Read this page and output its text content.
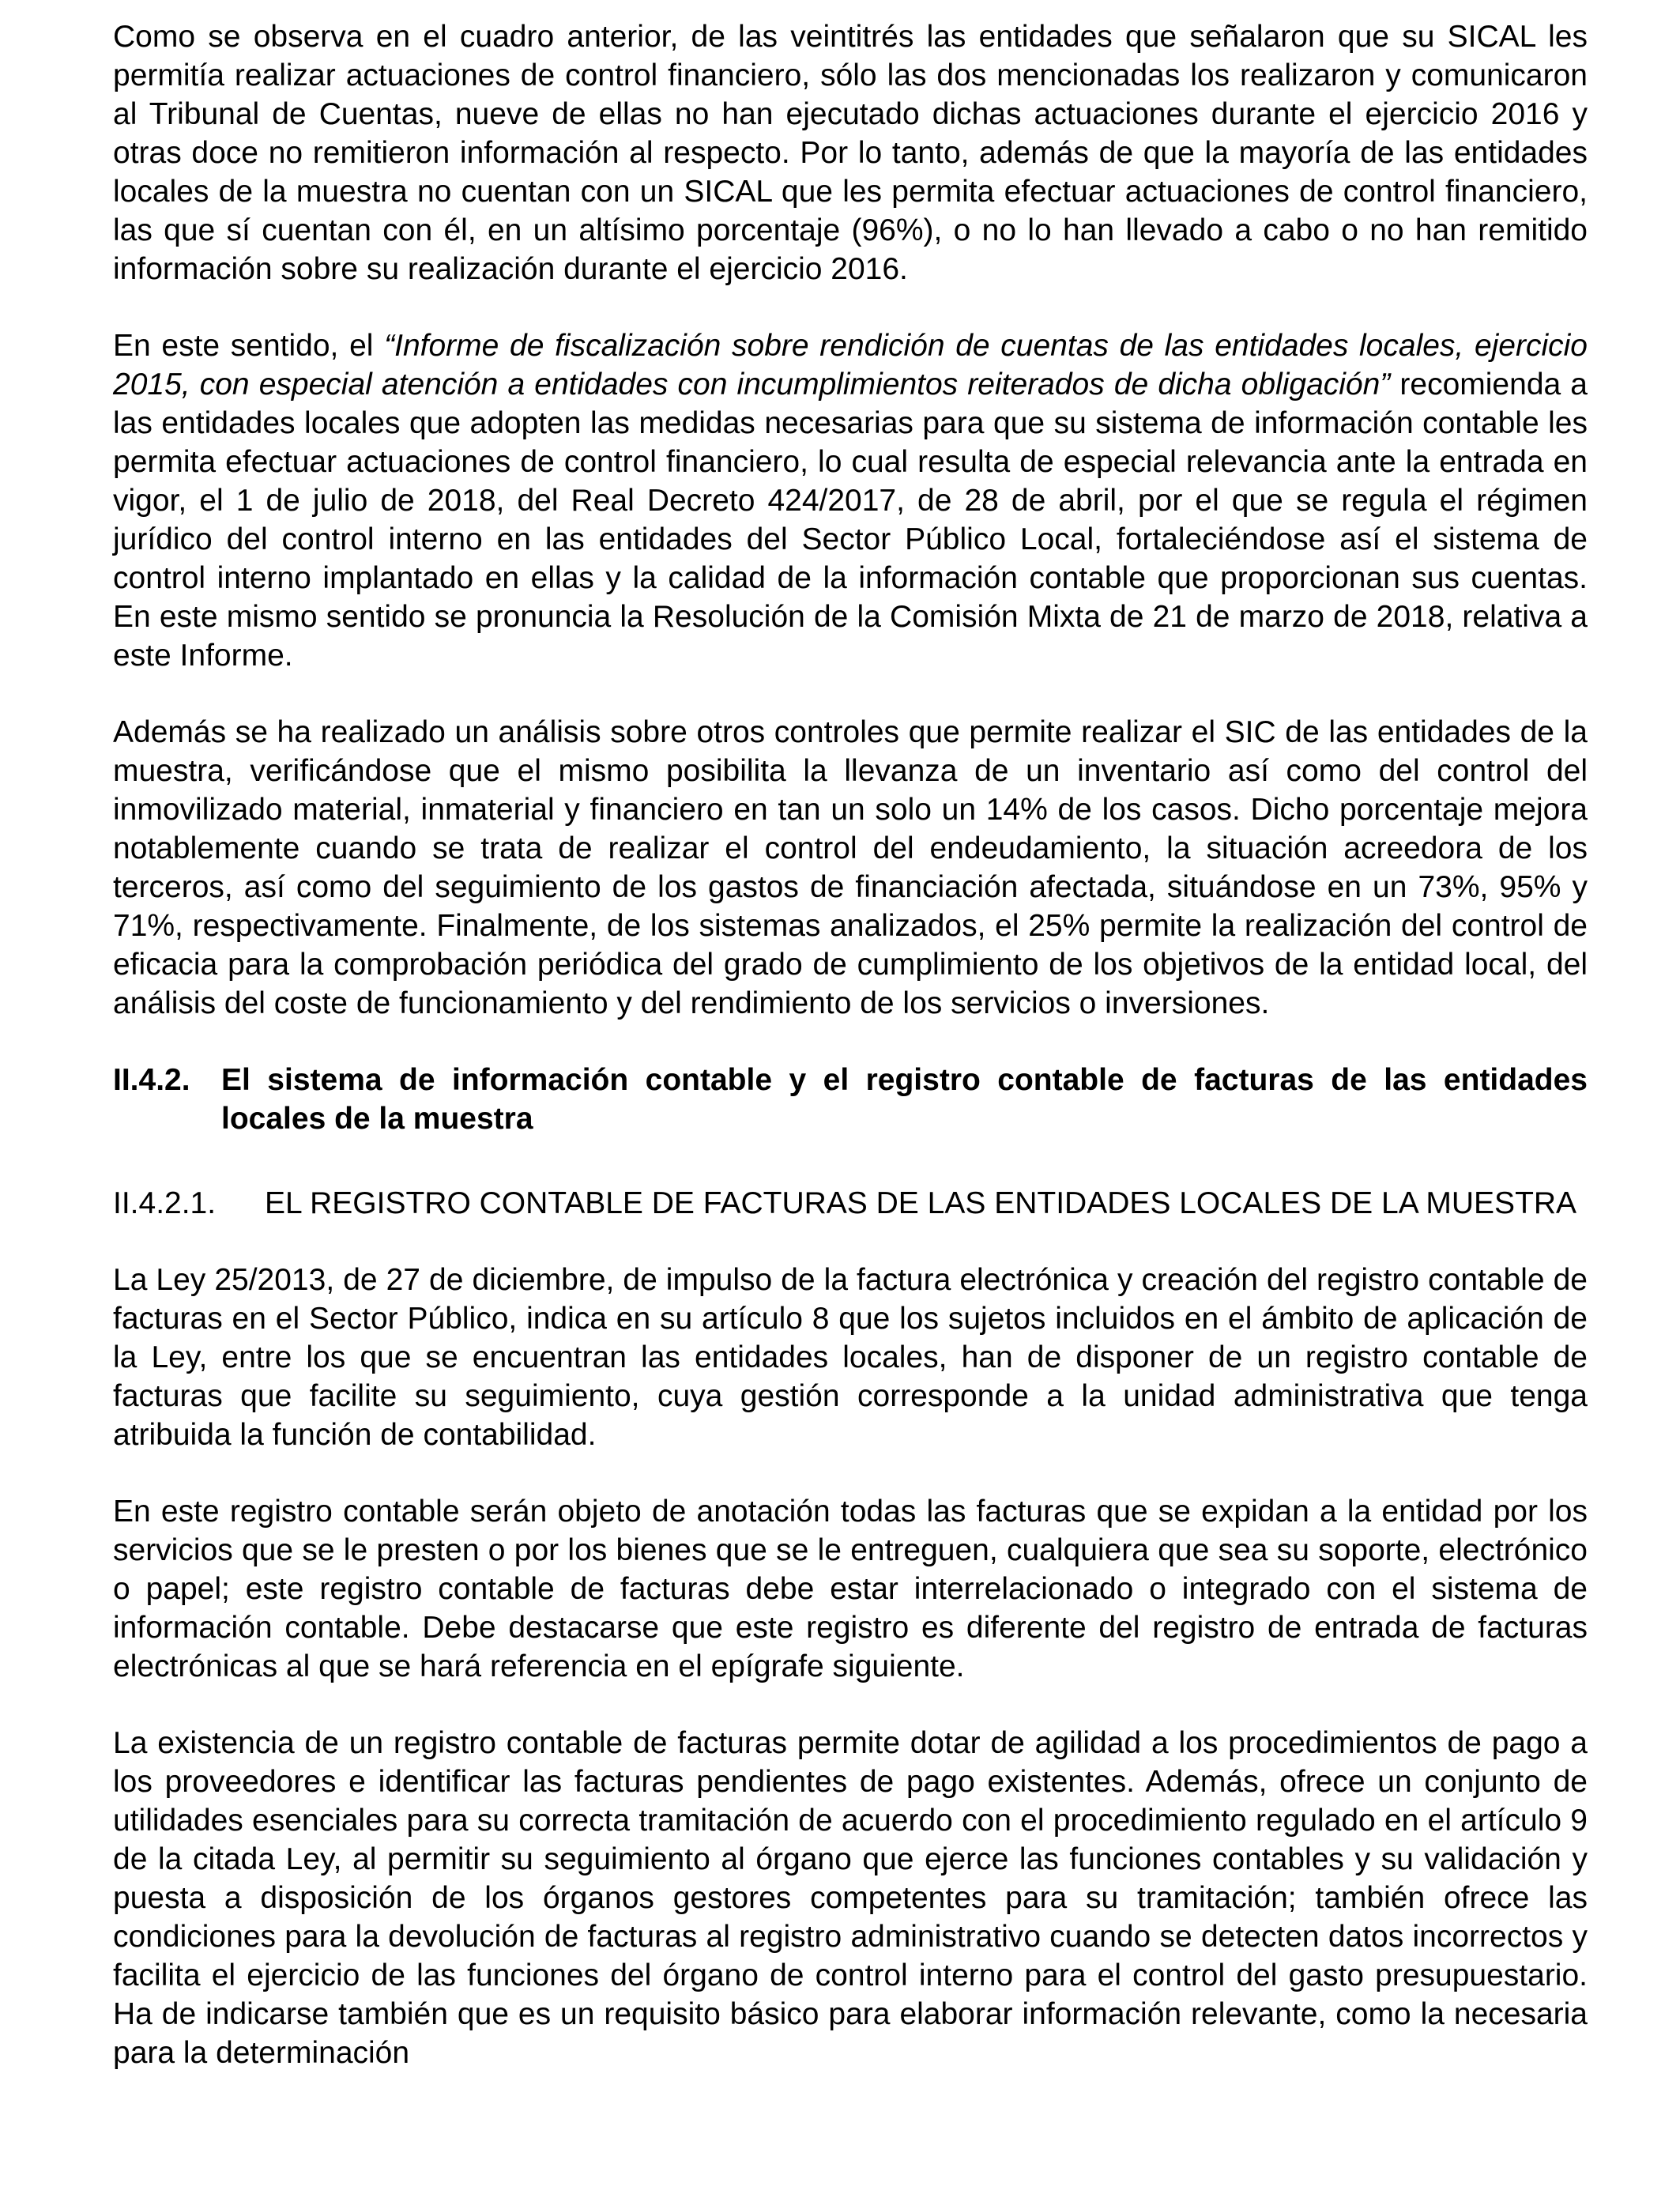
Como se observa en el cuadro anterior, de las veintitrés las entidades que señalaron que su SICAL les permitía realizar actuaciones de control financiero, sólo las dos mencionadas los realizaron y comunicaron al Tribunal de Cuentas, nueve de ellas no han ejecutado dichas actuaciones durante el ejercicio 2016 y otras doce no remitieron información al respecto. Por lo tanto, además de que la mayoría de las entidades locales de la muestra no cuentan con un SICAL que les permita efectuar actuaciones de control financiero, las que sí cuentan con él, en un altísimo porcentaje (96%), o no lo han llevado a cabo o no han remitido información sobre su realización durante el ejercicio 2016.

En este sentido, el “Informe de fiscalización sobre rendición de cuentas de las entidades locales, ejercicio 2015, con especial atención a entidades con incumplimientos reiterados de dicha obligación” recomienda a las entidades locales que adopten las medidas necesarias para que su sistema de información contable les permita efectuar actuaciones de control financiero, lo cual resulta de especial relevancia ante la entrada en vigor, el 1 de julio de 2018, del Real Decreto 424/2017, de 28 de abril, por el que se regula el régimen jurídico del control interno en las entidades del Sector Público Local, fortaleciéndose así el sistema de control interno implantado en ellas y la calidad de la información contable que proporcionan sus cuentas. En este mismo sentido se pronuncia la Resolución de la Comisión Mixta de 21 de marzo de 2018, relativa a este Informe.

Además se ha realizado un análisis sobre otros controles que permite realizar el SIC de las entidades de la muestra, verificándose que el mismo posibilita la llevanza de un inventario así como del control del inmovilizado material, inmaterial y financiero en tan un solo un 14% de los casos. Dicho porcentaje mejora notablemente cuando se trata de realizar el control del endeudamiento, la situación acreedora de los terceros, así como del seguimiento de los gastos de financiación afectada, situándose en un 73%, 95% y 71%, respectivamente. Finalmente, de los sistemas analizados, el 25% permite la realización del control de eficacia para la comprobación periódica del grado de cumplimiento de los objetivos de la entidad local, del análisis del coste de funcionamiento y del rendimiento de los servicios o inversiones.

II.4.2.	El sistema de información contable y el registro contable de facturas de las entidades locales de la muestra
II.4.2.1.	EL REGISTRO CONTABLE DE FACTURAS DE LAS ENTIDADES LOCALES DE LA MUESTRA

La Ley 25/2013, de 27 de diciembre, de impulso de la factura electrónica y creación del registro contable de facturas en el Sector Público, indica en su artículo 8 que los sujetos incluidos en el ámbito de aplicación de la Ley, entre los que se encuentran las entidades locales, han de disponer de un registro contable de facturas que facilite su seguimiento, cuya gestión corresponde a la unidad administrativa que tenga atribuida la función de contabilidad.

En este registro contable serán objeto de anotación todas las facturas que se expidan a la entidad por los servicios que se le presten o por los bienes que se le entreguen, cualquiera que sea su soporte, electrónico o papel; este registro contable de facturas debe estar interrelacionado o integrado con el sistema de información contable. Debe destacarse que este registro es diferente del registro de entrada de facturas electrónicas al que se hará referencia en el epígrafe siguiente.

La existencia de un registro contable de facturas permite dotar de agilidad a los procedimientos de pago a los proveedores e identificar las facturas pendientes de pago existentes. Además, ofrece un conjunto de utilidades esenciales para su correcta tramitación de acuerdo con el procedimiento regulado en el artículo 9 de la citada Ley, al permitir su seguimiento al órgano que ejerce las funciones contables y su validación y puesta a disposición de los órganos gestores competentes para su tramitación; también ofrece las condiciones para la devolución de facturas al registro administrativo cuando se detecten datos incorrectos y facilita el ejercicio de las funciones del órgano de control interno para el control del gasto presupuestario. Ha de indicarse también que es un requisito básico para elaborar información relevante, como la necesaria para la determinación
